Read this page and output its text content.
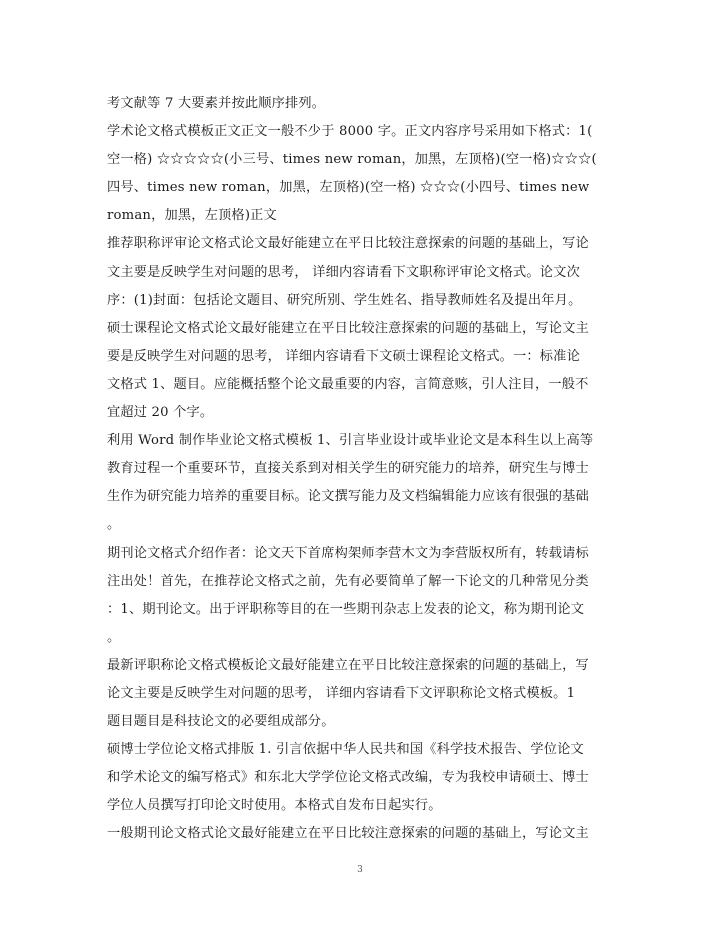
考文献等 7 大要素并按此顺序排列。
学术论文格式模板正文正文一般不少于 8000 字。正文内容序号采用如下格式：1(
空一格) ☆☆☆☆☆(小三号、times new roman，加黑，左顶格)(空一格)☆☆☆(
四号、times new roman，加黑，左顶格)(空一格) ☆☆☆(小四号、times new
roman，加黑，左顶格)正文
推荐职称评审论文格式论文最好能建立在平日比较注意探索的问题的基础上，写论
文主要是反映学生对问题的思考， 详细内容请看下文职称评审论文格式。论文次
序：(1)封面：包括论文题目、研究所别、学生姓名、指导教师姓名及提出年月。
硕士课程论文格式论文最好能建立在平日比较注意探索的问题的基础上，写论文主
要是反映学生对问题的思考， 详细内容请看下文硕士课程论文格式。一：标准论
文格式 1、题目。应能概括整个论文最重要的内容，言简意赅，引人注目，一般不
宜超过 20 个字。
利用 Word 制作毕业论文格式模板 1、引言毕业设计或毕业论文是本科生以上高等
教育过程一个重要环节，直接关系到对相关学生的研究能力的培养，研究生与博士
生作为研究能力培养的重要目标。论文撰写能力及文档编辑能力应该有很强的基础
。
期刊论文格式介绍作者：论文天下首席构架师李营木文为李营版权所有，转载请标
注出处！首先，在推荐论文格式之前，先有必要简单了解一下论文的几种常见分类
：1、期刊论文。出于评职称等目的在一些期刊杂志上发表的论文，称为期刊论文
。
最新评职称论文格式模板论文最好能建立在平日比较注意探索的问题的基础上，写
论文主要是反映学生对问题的思考， 详细内容请看下文评职称论文格式模板。1
题目题目是科技论文的必要组成部分。
硕博士学位论文格式排版 1. 引言依据中华人民共和国《科学技术报告、学位论文
和学术论文的编写格式》和东北大学学位论文格式改编，专为我校申请硕士、博士
学位人员撰写打印论文时使用。本格式自发布日起实行。
一般期刊论文格式论文最好能建立在平日比较注意探索的问题的基础上，写论文主
3
